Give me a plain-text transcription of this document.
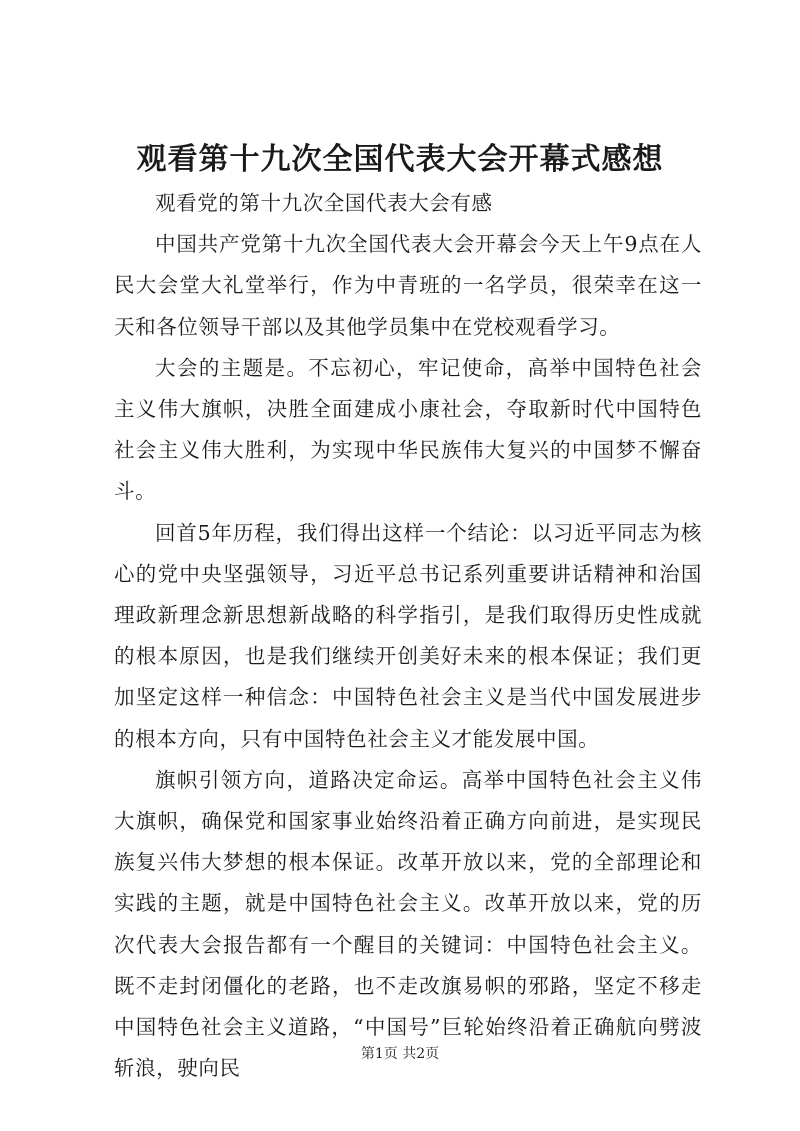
观看第十九次全国代表大会开幕式感想

观看党的第十九次全国代表大会有感

中国共产党第十九次全国代表大会开幕会今天上午9点在人民大会堂大礼堂举行，作为中青班的一名学员，很荣幸在这一天和各位领导干部以及其他学员集中在党校观看学习。

大会的主题是。不忘初心，牢记使命，高举中国特色社会主义伟大旗帜，决胜全面建成小康社会，夺取新时代中国特色社会主义伟大胜利，为实现中华民族伟大复兴的中国梦不懈奋斗。

回首5年历程，我们得出这样一个结论：以习近平同志为核心的党中央坚强领导，习近平总书记系列重要讲话精神和治国理政新理念新思想新战略的科学指引，是我们取得历史性成就的根本原因，也是我们继续开创美好未来的根本保证；我们更加坚定这样一种信念：中国特色社会主义是当代中国发展进步的根本方向，只有中国特色社会主义才能发展中国。

旗帜引领方向，道路决定命运。高举中国特色社会主义伟大旗帜，确保党和国家事业始终沿着正确方向前进，是实现民族复兴伟大梦想的根本保证。改革开放以来，党的全部理论和实践的主题，就是中国特色社会主义。改革开放以来，党的历次代表大会报告都有一个醒目的关键词：中国特色社会主义。既不走封闭僵化的老路，也不走改旗易帜的邪路，坚定不移走中国特色社会主义道路，“中国号”巨轮始终沿着正确航向劈波斩浪，驶向民

第1页 共2页
